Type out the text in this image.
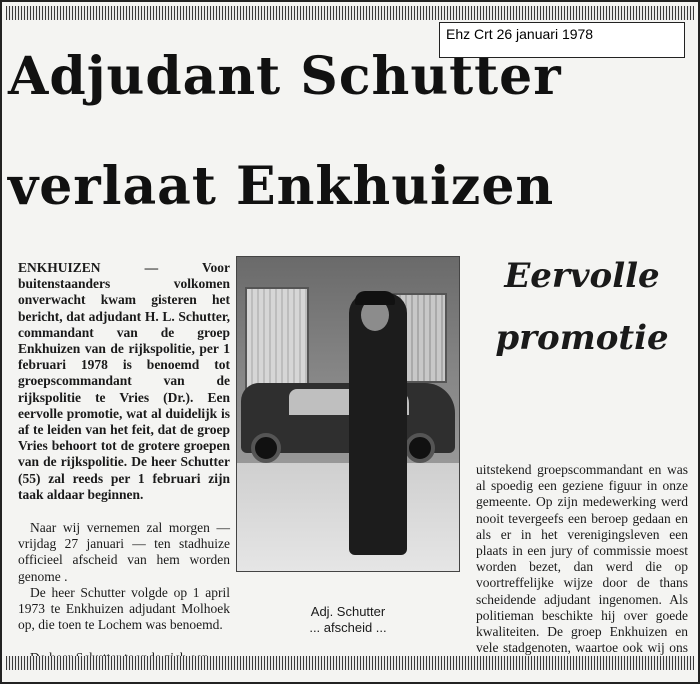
Ehz Crt 26 januari 1978
Adjudant Schutter
verlaat Enkhuizen
ENKHUIZEN —	Voor buitenstaanders volkomen onverwacht kwam gisteren het bericht, dat adjudant H. L. Schutter, commandant van de groep Enkhuizen van de rijkspolitie, per 1 februari 1978 is benoemd tot groepscommandant van de rijkspolitie te Vries (Dr.). Een eervolle promotie, wat al duidelijk is af te leiden van het feit, dat de groep Vries behoort tot de grotere groepen van de rijkspolitie. De heer Schutter (55) zal reeds per 1 februari zijn taak aldaar beginnen.
Naar wij vernemen zal morgen — vrijdag 27 januari — ten stadhuize officieel afscheid van hem worden genome .
De heer Schutter volgde op 1 april 1973 te Enkhuizen adjudant Molhoek op, die toen te Lochem was benoemd.
Adj. Schutter
... afscheid ...
Eervolle
promotie
uitstekend groepscommandant en was al spoedig een geziene figuur in onze gemeente. Op zijn medewerking werd nooit tevergeefs een beroep gedaan en als er in het verenigingsleven een plaats in een jury of commissie moest worden bezet, dan werd die op voortreffelijke wijze door de thans scheidende adjudant ingenomen. Als politieman beschikte hij over goede kwaliteiten. De groep Enkhuizen en vele stadgenoten, waartoe ook wij ons
